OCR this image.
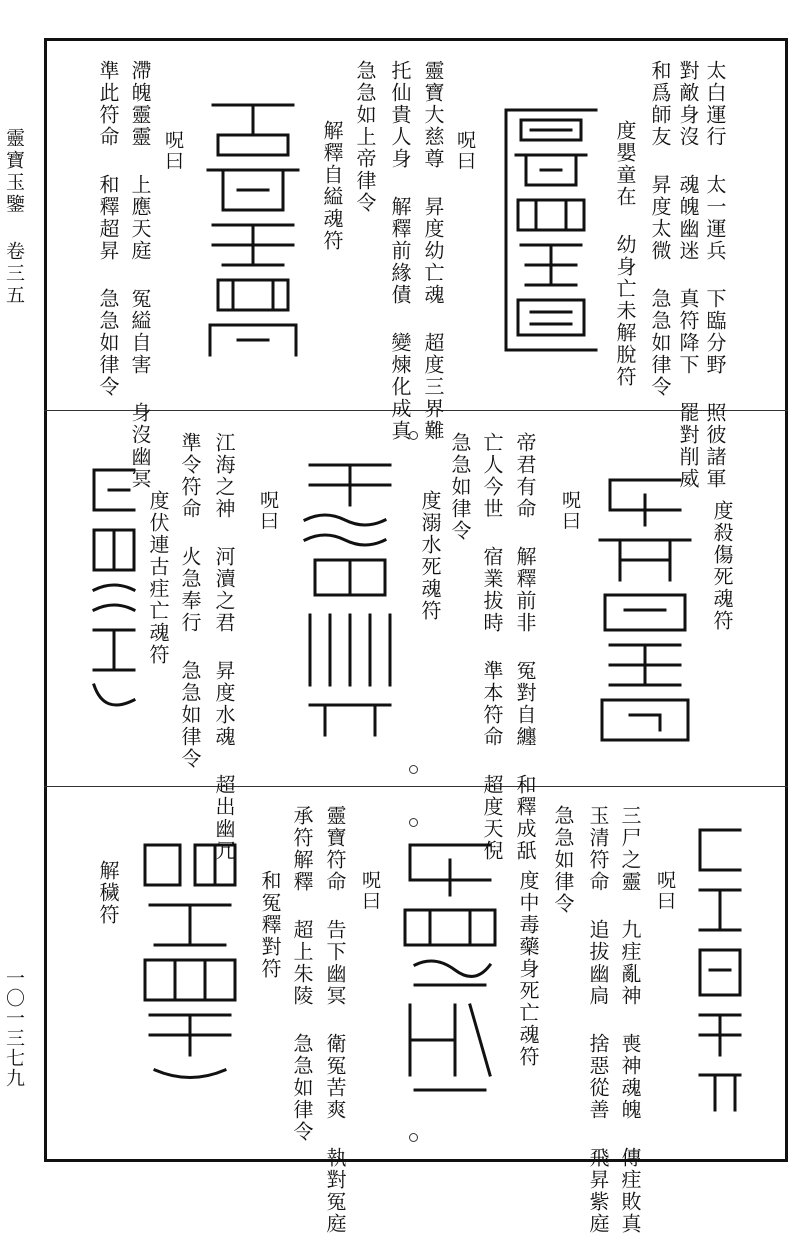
靈寶玉鑒 卷三五
一〇一三七九
太白運行 太一運兵 下臨分野 照彼諸軍
對敵身沒 魂魄幽迷 真符降下 罷對削威
和爲師友 昇度太微 急急如律令
度嬰童在 幼身亡未解脫符
呪曰
靈寶大慈尊 昇度幼亡魂 超度三界難
托仙貴人身 解釋前緣債 變煉化成真
急急如上帝律令
解釋自縊魂符
呪曰
滯魄靈靈 上應天庭 冤縊自害 身沒幽冥
準此符命 和釋超昇 急急如律令
度殺傷死魂符
呪曰
帝君有命 解釋前非 冤對自纏 和釋成舐
亡人今世 宿業拔時 準本符命 超度天倪
急急如律令
度溺水死魂符
呪曰
江海之神 河瀆之君 昇度水魂 超出幽冗
準令符命 火急奉行 急急如律令
度伏連古疰亡魂符
呪曰
三尸之靈 九疰亂神 喪神魂魄 傳疰敗真
玉清符命 追拔幽扃 捨惡從善 飛昇紫庭
急急如律令
度中毒藥身死亡魂符
呪曰
靈寶符命 告下幽冥 衛冤苦爽 執對冤庭
承符解釋 超上朱陵 急急如律令
和冤釋對符
解穢符
